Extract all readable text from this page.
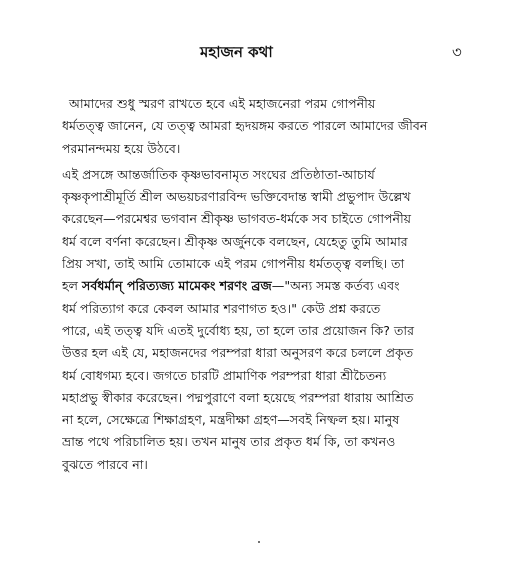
মহাজন কথা	৩
আমাদের শুধু স্মরণ রাখতে হবে এই মহাজনেরা পরম গোপনীয়
ধর্মতত্ত্ব জানেন, যে তত্ত্ব আমরা হৃদয়ঙ্গম করতে পারলে আমাদের জীবন
পরমানন্দময় হয়ে উঠবে।
এই প্রসঙ্গে আন্তর্জাতিক কৃষ্ণভাবনামৃত সংঘের প্রতিষ্ঠাতা-আচার্য
কৃষ্ণকৃপাশ্রীমূর্তি শ্রীল অভয়চরণারবিন্দ ভক্তিবেদান্ত স্বামী প্রভুপাদ উল্লেখ
করেছেন—পরমেশ্বর ভগবান শ্রীকৃষ্ণ ভাগবত-ধর্মকে সব চাইতে গোপনীয়
ধর্ম বলে বর্ণনা করেছেন। শ্রীকৃষ্ণ অর্জুনকে বলছেন, যেহেতু তুমি আমার
প্রিয় সখা, তাই আমি তোমাকে এই পরম গোপনীয় ধর্মতত্ত্ব বলছি। তা
হল সর্বধর্মান্‌ পরিত্যজ্য মামেকং শরণং ব্রজ—"অন্য সমস্ত কর্তব্য এবং
ধর্ম পরিত্যাগ করে কেবল আমার শরণাগত হও।" কেউ প্রশ্ন করতে
পারে, এই তত্ত্ব যদি এতই দুর্বোধ্য হয়, তা হলে তার প্রয়োজন কি? তার
উত্তর হল এই যে, মহাজনদের পরম্পরা ধারা অনুসরণ করে চললে প্রকৃত
ধর্ম বোধগম্য হবে। জগতে চারটি প্রামাণিক পরম্পরা ধারা শ্রীচৈতন্য
মহাপ্রভু স্বীকার করেছেন। পদ্মপুরাণে বলা হয়েছে পরম্পরা ধারায় আশ্রিত
না হলে, সেক্ষেত্রে শিক্ষাগ্রহণ, মন্ত্রদীক্ষা গ্রহণ—সবই নিষ্ফল হয়। মানুষ
ভ্রান্ত পথে পরিচালিত হয়। তখন মানুষ তার প্রকৃত ধর্ম কি, তা কখনও
বুঝতে পারবে না।
